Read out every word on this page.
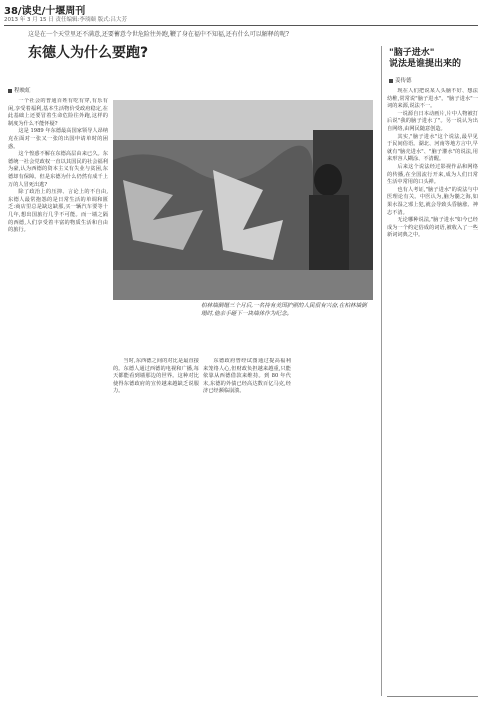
38/读史/十堰周刊
2013 年 3 月 15 日 责任编辑:李琰颐 版式:吕大芳
这是在一个天堂里还不满意,还要蓄意令世危险往外跑,鞭了身在福中不知福,还有什么可以解释的呢?
东德人为什么要跑?
程映虹

一个社会的普通百姓有吃有穿,有乐有闲,享受着福利,基本生活物价受政府稳定,在此基础上还要冒着生命危险往外跑,这样的制度为什么不能怀疑?

这是 1989 年东德最高国家领导人昂纳克在面对一张又一张的出国申请单时的困惑。

这个惶惑不解在东德高层由来已久。东德统一社会党政权一直以其国民的社会福利为豪,认为西德的资本主义有失业与贫困,东德却有保障。但是东德为什么仍然有成千上万的人冒死出逃?

除了政治上的压抑、言论上的不自由,东德人最常抱怨的是日常生活的单调和匮乏:商店里总是缺这缺那,买一辆汽车要等十几年,想出国旅行几乎不可能。而一墙之隔的西德,人们享受着丰富的物质生活和自由的旅行。

柏林墙倒塌三个月后,一名持有美国护照的人民很有兴奋,在柏林墙倒塌时,他亲手砸下一块墙体作为纪念。

当时,东西德之间的对比是最直接的。东德人通过西德的电视和广播,每天都能看到墙那边的世界。这种对比使得东德政府的宣传越来越缺乏说服力。

东德政府曾经试图通过提高福利来笼络人心,但财政负担越来越重,只能依靠从西德借款来维持。到 80 年代末,东德的外债已经高达数百亿马克,经济已经濒临崩溃。

"脑子进水"
说法是谁提出来的
姜传德

现在人们把说某人头脑不好、想法幼稚,常常说"脑子进水"。"脑子进水"一词的来源,说法不一。

一说源自日本动画片,片中人物被打后说"我的脑子进水了"。另一说认为出自网络,由网民随意创造。

其实,"脑子进水"这个说法,最早见于民间俗语。湖北、河南等地方言中,早就有"脑壳进水"、"脑子灌水"的说法,用来形容人糊涂、不清醒。

后来这个说法经过影视作品和网络的传播,在全国流行开来,成为人们日常生活中常用的口头禅。

也有人考证,"脑子进水"的说法与中医理论有关。中医认为,脑为髓之海,如果水湿之邪上犯,就会导致头昏脑涨、神志不清。

无论哪种说法,"脑子进水"如今已经成为一个约定俗成的词语,被收入了一些新词词典之中。
